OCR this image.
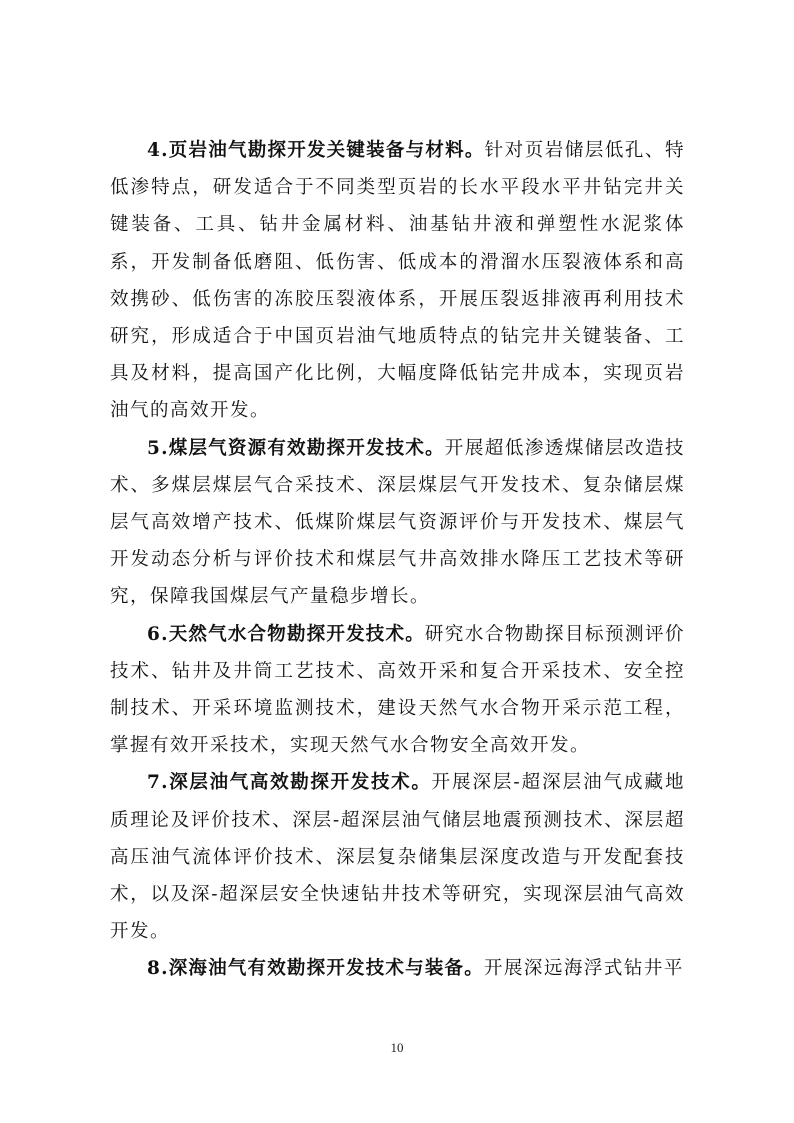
4.页岩油气勘探开发关键装备与材料。针对页岩储层低孔、特低渗特点，研发适合于不同类型页岩的长水平段水平井钻完井关键装备、工具、钻井金属材料、油基钻井液和弹塑性水泥浆体系，开发制备低磨阻、低伤害、低成本的滑溜水压裂液体系和高效携砂、低伤害的冻胶压裂液体系，开展压裂返排液再利用技术研究，形成适合于中国页岩油气地质特点的钻完井关键装备、工具及材料，提高国产化比例，大幅度降低钻完井成本，实现页岩油气的高效开发。

5.煤层气资源有效勘探开发技术。开展超低渗透煤储层改造技术、多煤层煤层气合采技术、深层煤层气开发技术、复杂储层煤层气高效增产技术、低煤阶煤层气资源评价与开发技术、煤层气开发动态分析与评价技术和煤层气井高效排水降压工艺技术等研究，保障我国煤层气产量稳步增长。

6.天然气水合物勘探开发技术。研究水合物勘探目标预测评价技术、钻井及井筒工艺技术、高效开采和复合开采技术、安全控制技术、开采环境监测技术，建设天然气水合物开采示范工程，掌握有效开采技术，实现天然气水合物安全高效开发。

7.深层油气高效勘探开发技术。开展深层-超深层油气成藏地质理论及评价技术、深层-超深层油气储层地震预测技术、深层超高压油气流体评价技术、深层复杂储集层深度改造与开发配套技术，以及深-超深层安全快速钻井技术等研究，实现深层油气高效开发。

8.深海油气有效勘探开发技术与装备。开展深远海浮式钻井平

10
